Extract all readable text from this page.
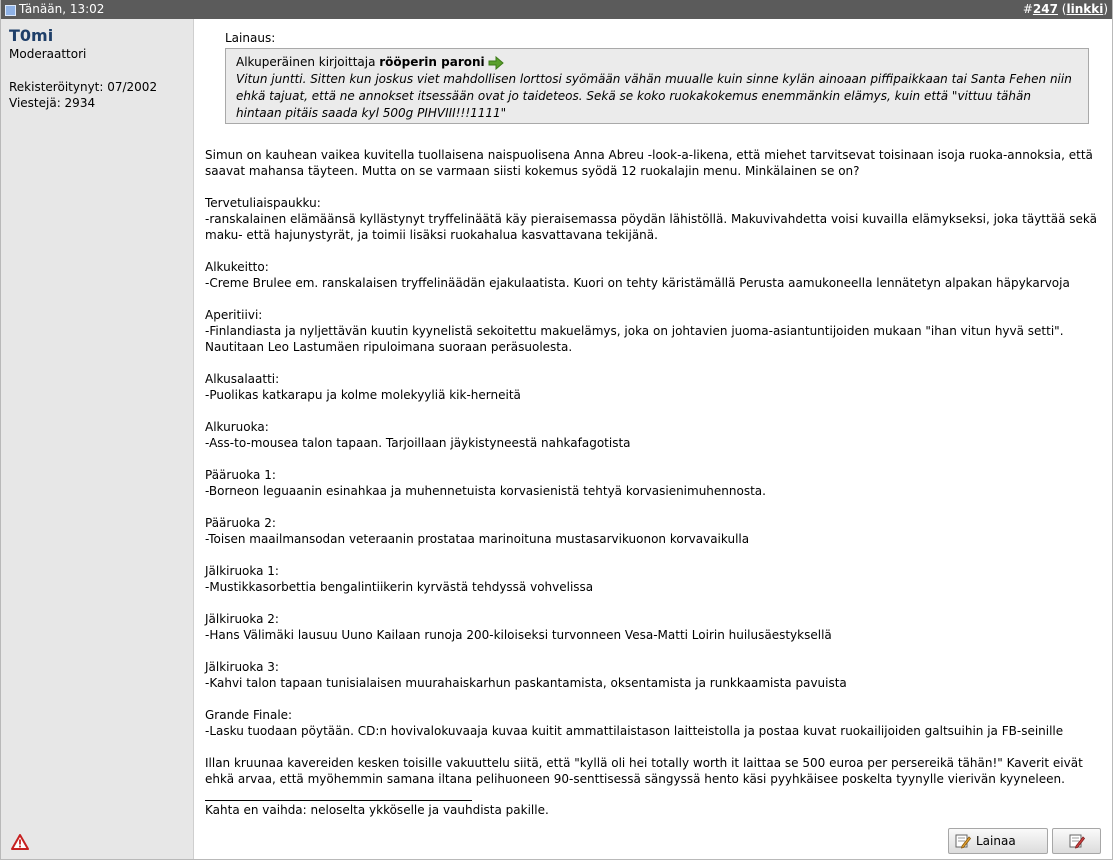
Tänään, 13:02	#247 (linkki)
T0mi
Moderaattori
Rekisteröitynyt: 07/2002
Viestejä: 2934
Lainaus:
Alkuperäinen kirjoittaja rööperin paroni
Vitun juntti. Sitten kun joskus viet mahdollisen lorttosi syömään vähän muualle kuin sinne kylän ainoaan piffipaikkaan tai Santa Fehen niin ehkä tajuat, että ne annokset itsessään ovat jo taideteos. Sekä se koko ruokakokemus enemmänkin elämys, kuin että "vittuu tähän hintaan pitäis saada kyl 500g PIHVIII!!!1111"
Simun on kauhean vaikea kuvitella tuollaisena naispuolisena Anna Abreu -look-a-likena, että miehet tarvitsevat toisinaan isoja ruoka-annoksia, että saavat mahansa täyteen. Mutta on se varmaan siisti kokemus syödä 12 ruokalajin menu. Minkälainen se on?

Tervetuliaispaukku:
-ranskalainen elämäänsä kyllästynyt tryffelinäätä käy pieraisemassa pöydän lähistöllä. Makuvivahdetta voisi kuvailla elämykseksi, joka täyttää sekä maku- että hajunystyrät, ja toimii lisäksi ruokahalua kasvattavana tekijänä.

Alkukeitto:
-Creme Brulee em. ranskalaisen tryffelinäädän ejakulaatista. Kuori on tehty käristämällä Perusta aamukoneella lennätetyn alpakan häpykarvoja

Aperitiivi:
-Finlandiasta ja nyljettävän kuutin kyynelistä sekoitettu makuelämys, joka on johtavien juoma-asiantuntijoiden mukaan "ihan vitun hyvä setti". Nautitaan Leo Lastumäen ripuloimana suoraan peräsuolesta.

Alkusalaatti:
-Puolikas katkarapu ja kolme molekyyliä kik-herneitä

Alkuruoka:
-Ass-to-mousea talon tapaan. Tarjoillaan jäykistyneestä nahkafagotista

Pääruoka 1:
-Borneon leguaanin esinahkaa ja muhennetuista korvasienistä tehtyä korvasienimuhennosta.

Pääruoka 2:
-Toisen maailmansodan veteraanin prostataa marinoituna mustasarvikuonon korvavaikulla

Jälkiruoka 1:
-Mustikkasorbettia bengalintiikerin kyrvästä tehdyssä vohvelissa

Jälkiruoka 2:
-Hans Välimäki lausuu Uuno Kailaan runoja 200-kiloiseksi turvonneen Vesa-Matti Loirin huilusäestyksellä

Jälkiruoka 3:
-Kahvi talon tapaan tunisialaisen muurahaiskarhun paskantamista, oksentamista ja runkkaamista pavuista

Grande Finale:
-Lasku tuodaan pöytään. CD:n hovivalokuvaaja kuvaa kuitit ammattilaistason laitteistolla ja postaa kuvat ruokailijoiden galtsuihin ja FB-seinille

Illan kruunaa kavereiden kesken toisille vakuuttelu siitä, että "kyllä oli hei totally worth it laittaa se 500 euroa per persereikä tähän!" Kaverit eivät ehkä arvaa, että myöhemmin samana iltana pelihuoneen 90-senttisessä sängyssä hento käsi pyyhkäisee poskelta tyynylle vierivän kyyneleen.
Kahta en vaihda: neloselta ykköselle ja vauhdista pakille.
Lainaa
